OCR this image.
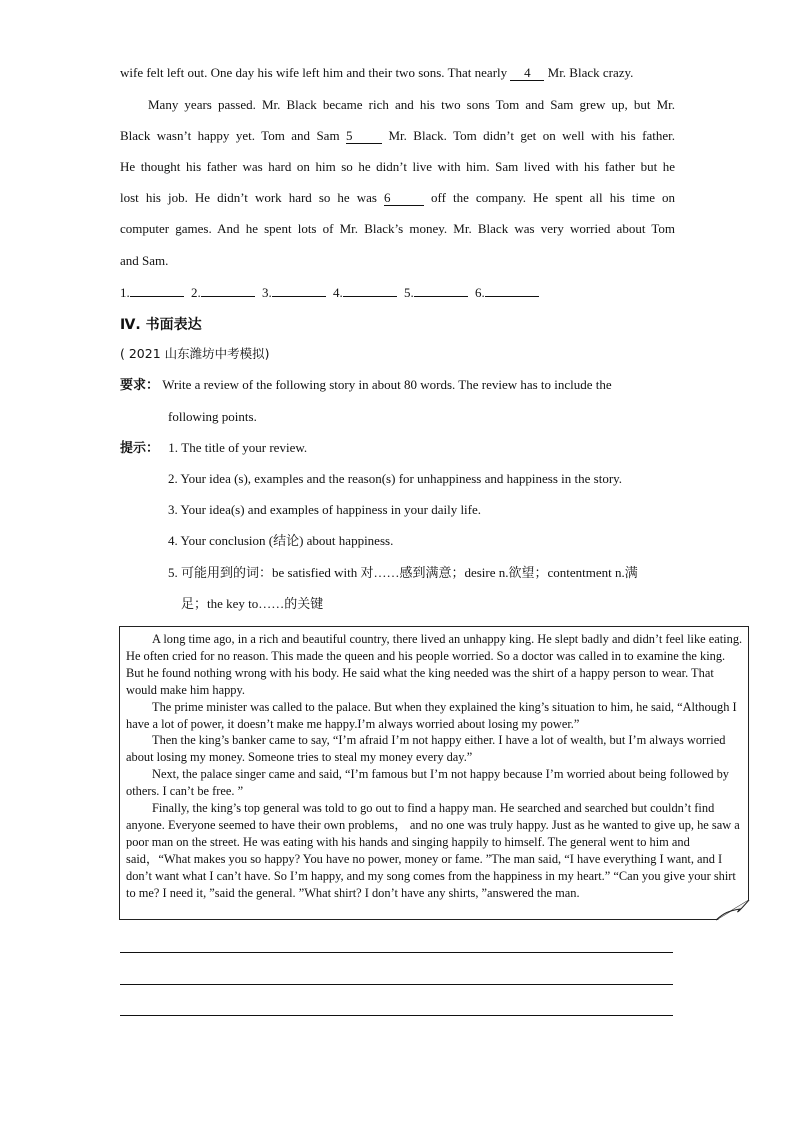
wife felt left out. One day his wife left him and their two sons. That nearly 4 Mr. Black crazy.
Many years passed. Mr. Black became rich and his two sons Tom and Sam grew up, but Mr.
Black wasn’t happy yet. Tom and Sam 5	Mr. Black. Tom didn’t get on well with his father.
He thought his father was hard on him so he didn’t live with him. Sam lived with his father but he
lost his job. He didn’t work hard so he was 6	off the company. He spent all his time on
computer games. And he spent lots of Mr. Black’s money. Mr. Black was very worried about Tom
and Sam.
1.	2.	3.	4.	5.	6.
Ⅳ. 书面表达
( 2021 山东潍坊中考模拟)
要求： Write a review of the following story in about 80 words. The review has to include the
following points.
提示： 1. The title of your review.
2. Your idea (s), examples and the reason(s) for unhappiness and happiness in the story.
3. Your idea(s) and examples of happiness in your daily life.
4. Your conclusion (结论) about happiness.
5. 可能用到的词：be satisfied with 对……感到满意；desire n.欲望；contentment n.满
足；the key to……的关键

A long time ago, in a rich and beautiful country, there lived an unhappy king. He slept badly and didn’t feel like eating. He often cried for no reason. This made the queen and his people worried. So a doctor was called in to examine the king. But he found nothing wrong with his body. He said what the king needed was the shirt of a happy person to wear. That would make him happy.

The prime minister was called to the palace. But when they explained the king’s situation to him, he said, “Although I have a lot of power, it doesn’t make me happy.I’m always worried about losing my power.”

Then the king’s banker came to say, “I’m afraid I’m not happy either. I have a lot of wealth, but I’m always worried about losing my money. Someone tries to steal my money every day.”

Next, the palace singer came and said, “I’m famous but I’m not happy because I’m worried about being followed by others. I can’t be free. ”

Finally, the king’s top general was told to go out to find a happy man. He searched and searched but couldn’t find anyone. Everyone seemed to have their own problems， and no one was truly happy. Just as he wanted to give up, he saw a poor man on the street. He was eating with his hands and singing happily to himself. The general went to him and said，“What makes you so happy? You have no power, money or fame. ”The man said, “I have everything I want, and I don’t want what I can’t have. So I’m happy, and my song comes from the happiness in my heart.” “Can you give your shirt to me? I need it, ”said the general. ”What shirt? I don’t have any shirts, ”answered the man.
